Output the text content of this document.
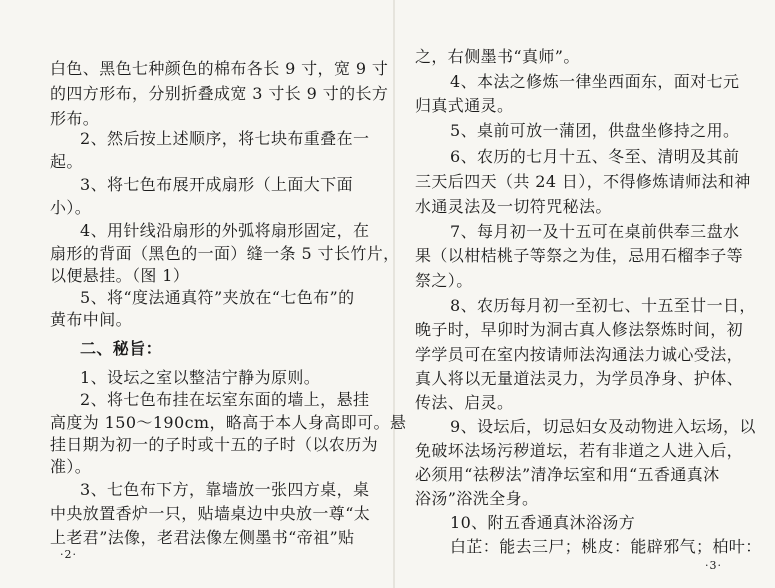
白色、黑色七种颜色的棉布各长 9 寸，宽 9 寸
的四方形布，分别折叠成宽 3 寸长 9 寸的长方
形布。
2、然后按上述顺序，将七块布重叠在一
起。
3、将七色布展开成扇形（上面大下面
小）。
4、用针线沿扇形的外弧将扇形固定，在
扇形的背面（黑色的一面）缝一条 5 寸长竹片，
以便悬挂。（图 1）
5、将“度法通真符”夹放在“七色布”的
黄布中间。
二、秘旨：
1、设坛之室以整洁宁静为原则。
2、将七色布挂在坛室东面的墙上，悬挂
高度为 150～190cm，略高于本人身高即可。悬
挂日期为初一的子时或十五的子时（以农历为
准）。
3、七色布下方，靠墙放一张四方桌，桌
中央放置香炉一只，贴墙桌边中央放一尊“太
上老君”法像，老君法像左侧墨书“帝祖”贴
·2·
之，右侧墨书“真师”。
4、本法之修炼一律坐西面东，面对七元
归真式通灵。
5、桌前可放一蒲团，供盘坐修持之用。
6、农历的七月十五、冬至、清明及其前
三天后四天（共 24 日），不得修炼请师法和神
水通灵法及一切符咒秘法。
7、每月初一及十五可在桌前供奉三盘水
果（以柑桔桃子等祭之为佳，忌用石榴李子等
祭之）。
8、农历每月初一至初七、十五至廿一日，
晚子时，早卯时为洞古真人修法祭炼时间，初
学学员可在室内按请师法沟通法力诚心受法，
真人将以无量道法灵力，为学员净身、护体、
传法、启灵。
9、设坛后，切忌妇女及动物进入坛场，以
免破坏法场污秽道坛，若有非道之人进入后，
必须用“祛秽法”清净坛室和用“五香通真沐
浴汤”浴洗全身。
10、附五香通真沐浴汤方
白芷：能去三尸；桃皮：能辟邪气；柏叶：
·3·
